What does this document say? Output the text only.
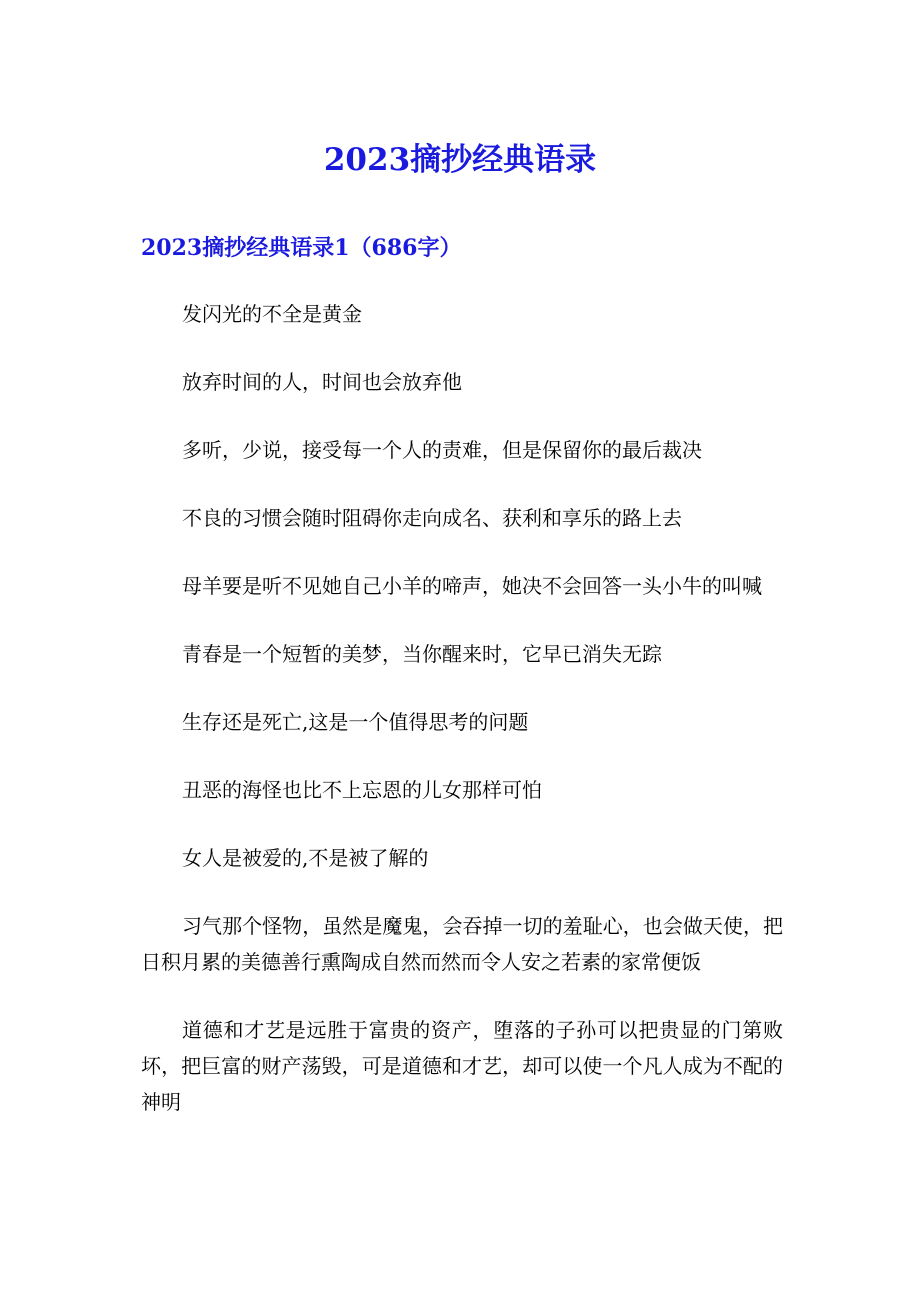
2023摘抄经典语录
2023摘抄经典语录1（686字）

发闪光的不全是黄金

放弃时间的人，时间也会放弃他

多听，少说，接受每一个人的责难，但是保留你的最后裁决

不良的习惯会随时阻碍你走向成名、获利和享乐的路上去

母羊要是听不见她自己小羊的啼声，她决不会回答一头小牛的叫喊

青春是一个短暂的美梦，当你醒来时，它早已消失无踪

生存还是死亡,这是一个值得思考的问题

丑恶的海怪也比不上忘恩的儿女那样可怕

女人是被爱的,不是被了解的

习气那个怪物，虽然是魔鬼，会吞掉一切的羞耻心，也会做天使，把日积月累的美德善行熏陶成自然而然而令人安之若素的家常便饭

道德和才艺是远胜于富贵的资产，堕落的子孙可以把贵显的门第败坏，把巨富的财产荡毁，可是道德和才艺，却可以使一个凡人成为不配的神明
